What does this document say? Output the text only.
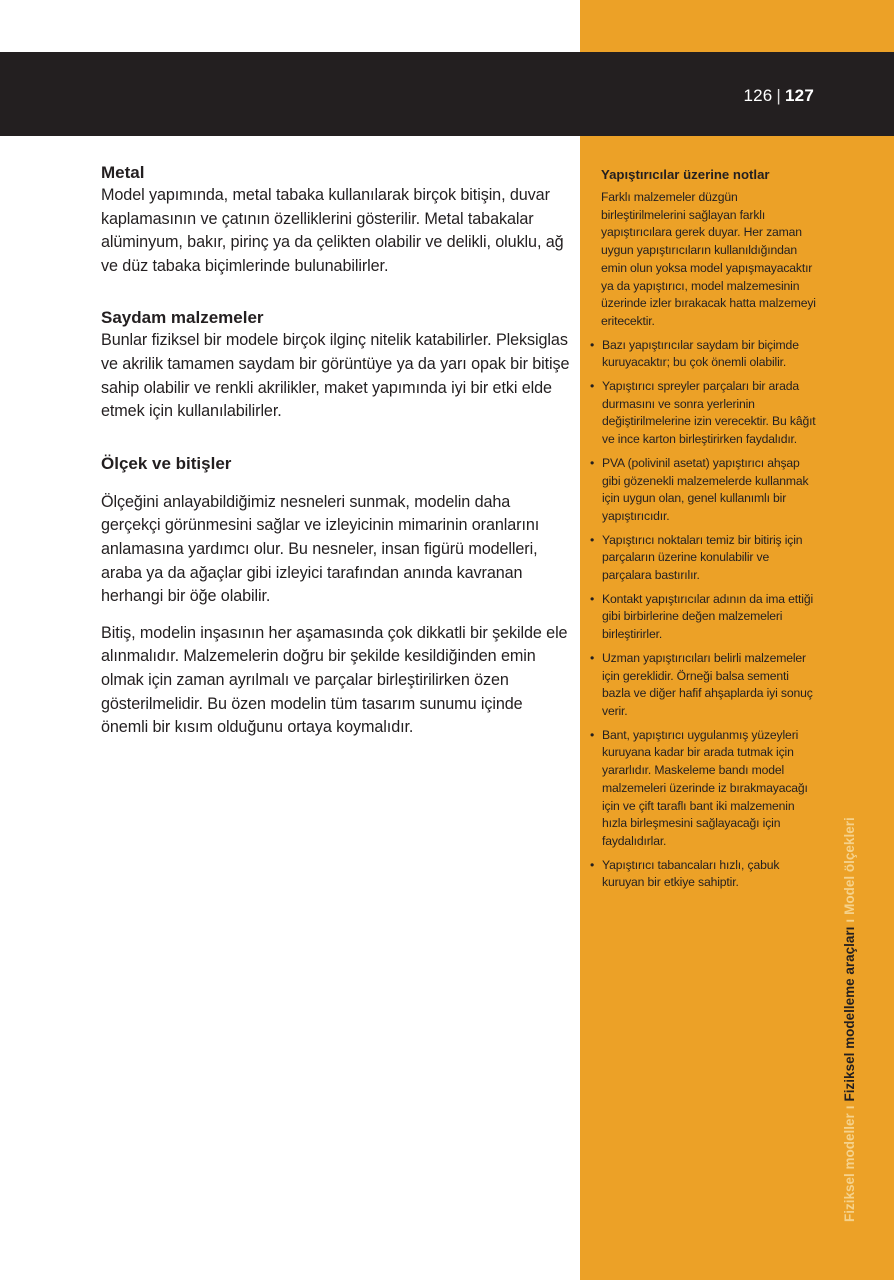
126 | 127
Metal

Model yapımında, metal tabaka kullanılarak birçok bitişin, duvar kaplamasının ve çatının özelliklerini gösterilir. Metal tabakalar alüminyum, bakır, pirinç ya da çelikten olabilir ve delikli, oluklu, ağ ve düz tabaka biçimlerinde bulunabilirler.

Saydam malzemeler

Bunlar fiziksel bir modele birçok ilginç nitelik katabilirler. Pleksiglas ve akrilik tamamen saydam bir görüntüye ya da yarı opak bir bitişe sahip olabilir ve renkli akrilikler, maket yapımında iyi bir etki elde etmek için kullanılabilirler.

Ölçek ve bitişler

Ölçeğini anlayabildiğimiz nesneleri sunmak, modelin daha gerçekçi görünmesini sağlar ve izleyicinin mimarinin oranlarını anlamasına yardımcı olur. Bu nesneler, insan figürü modelleri, araba ya da ağaçlar gibi izleyici tarafından anında kavranan herhangi bir öğe olabilir.

Bitiş, modelin inşasının her aşamasında çok dikkatli bir şekilde ele alınmalıdır. Malzemelerin doğru bir şekilde kesildiğinden emin olmak için zaman ayrılmalı ve parçalar birleştirilirken özen gösterilmelidir. Bu özen modelin tüm tasarım sunumu içinde önemli bir kısım olduğunu ortaya koymalıdır.

Yapıştırıcılar üzerine notlar

Farklı malzemeler düzgün birleştirilmelerini sağlayan farklı yapıştırıcılara gerek duyar. Her zaman uygun yapıştırıcıların kullanıldığından emin olun yoksa model yapışmayacaktır ya da yapıştırıcı, model malzemesinin üzerinde izler bırakacak hatta malzemeyi eritecektir.

• Bazı yapıştırıcılar saydam bir biçimde kuruyacaktır; bu çok önemli olabilir.
• Yapıştırıcı spreyler parçaları bir arada durmasını ve sonra yerlerinin değiştirilmelerine izin verecektir. Bu kâğıt ve ince karton birleştirirken faydalıdır.
• PVA (polivinil asetat) yapıştırıcı ahşap gibi gözenekli malzemelerde kullanmak için uygun olan, genel kullanımlı bir yapıştırıcıdır.
• Yapıştırıcı noktaları temiz bir bitiriş için parçaların üzerine konulabilir ve parçalara bastırılır.
• Kontakt yapıştırıcılar adının da ima ettiği gibi birbirlerine değen malzemeleri birleştirirler.
• Uzman yapıştırıcıları belirli malzemeler için gereklidir. Örneği balsa sementi bazla ve diğer hafif ahşaplarda iyi sonuç verir.
• Bant, yapıştırıcı uygulanmış yüzeyleri kuruyana kadar bir arada tutmak için yararlıdır. Maskeleme bandı model malzemeleri üzerinde iz bırakmayacağı için ve çift taraflı bant iki malzemenin hızla birleşmesini sağlayacağı için faydalıdırlar.
• Yapıştırıcı tabancaları hızlı, çabuk kuruyan bir etkiye sahiptir.
Fiziksel modellerıFiziksel modelleme araçlarııModel ölçekleri
